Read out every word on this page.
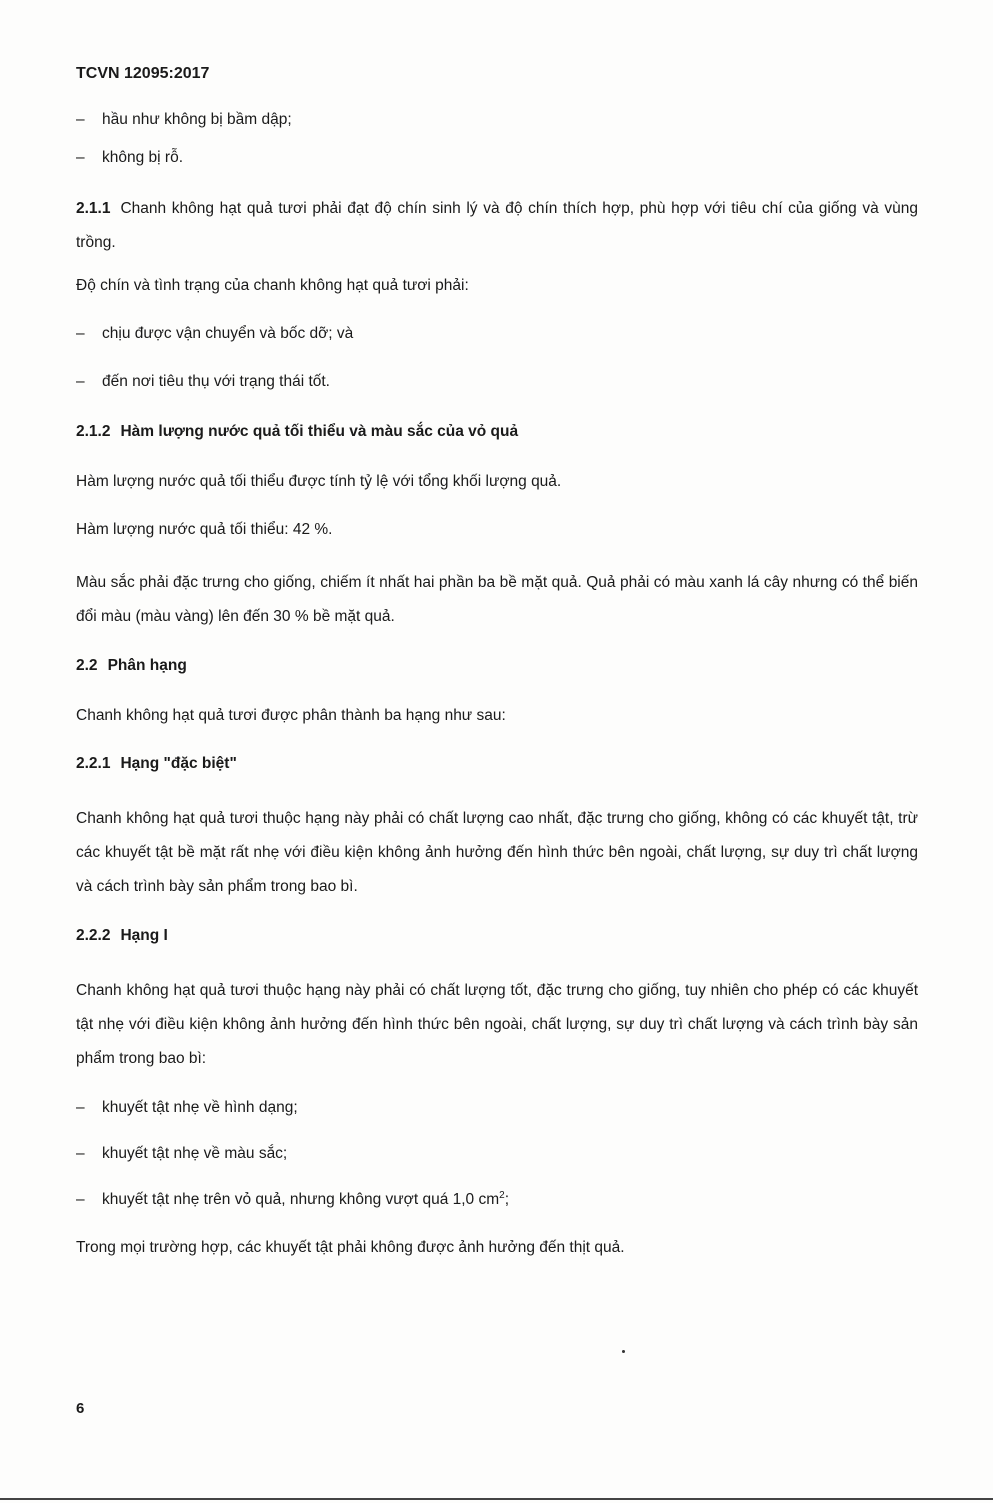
TCVN 12095:2017
–	hầu như không bị bầm dập;
–	không bị rỗ.
2.1.1 Chanh không hạt quả tươi phải đạt độ chín sinh lý và độ chín thích hợp, phù hợp với tiêu chí của giống và vùng trồng.
Độ chín và tình trạng của chanh không hạt quả tươi phải:
–	chịu được vận chuyển và bốc dỡ; và
–	đến nơi tiêu thụ với trạng thái tốt.
2.1.2 Hàm lượng nước quả tối thiểu và màu sắc của vỏ quả
Hàm lượng nước quả tối thiểu được tính tỷ lệ với tổng khối lượng quả.
Hàm lượng nước quả tối thiểu: 42 %.
Màu sắc phải đặc trưng cho giống, chiếm ít nhất hai phần ba bề mặt quả. Quả phải có màu xanh lá cây nhưng có thể biến đổi màu (màu vàng) lên đến 30 % bề mặt quả.
2.2 Phân hạng
Chanh không hạt quả tươi được phân thành ba hạng như sau:
2.2.1 Hạng "đặc biệt"
Chanh không hạt quả tươi thuộc hạng này phải có chất lượng cao nhất, đặc trưng cho giống, không có các khuyết tật, trừ các khuyết tật bề mặt rất nhẹ với điều kiện không ảnh hưởng đến hình thức bên ngoài, chất lượng, sự duy trì chất lượng và cách trình bày sản phẩm trong bao bì.
2.2.2 Hạng I
Chanh không hạt quả tươi thuộc hạng này phải có chất lượng tốt, đặc trưng cho giống, tuy nhiên cho phép có các khuyết tật nhẹ với điều kiện không ảnh hưởng đến hình thức bên ngoài, chất lượng, sự duy trì chất lượng và cách trình bày sản phẩm trong bao bì:
–	khuyết tật nhẹ về hình dạng;
–	khuyết tật nhẹ về màu sắc;
–	khuyết tật nhẹ trên vỏ quả, nhưng không vượt quá 1,0 $cm^2$;
Trong mọi trường hợp, các khuyết tật phải không được ảnh hưởng đến thịt quả.
6
